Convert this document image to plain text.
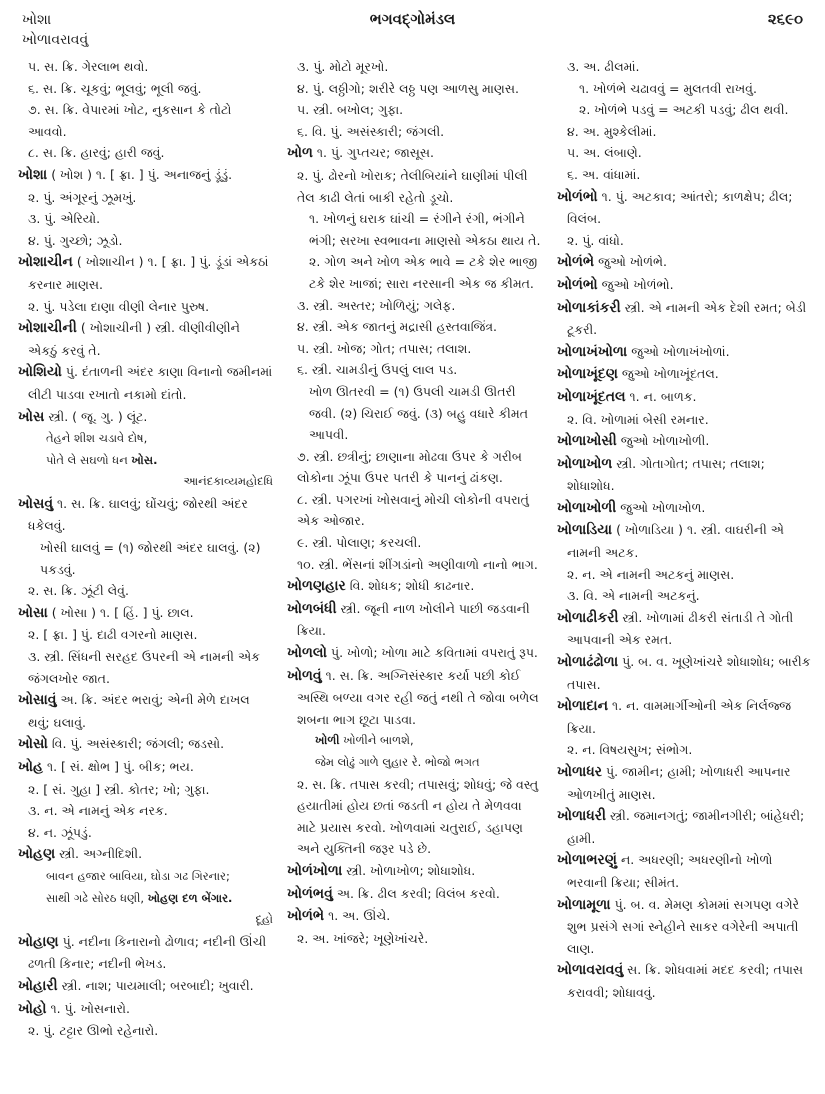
ખોશા
ખોળાવરાવવું
ભગવદ્ગોમંડલ	૨૬૯૦

૫. સ. ક્રિ. ગેરલાભ થવો.

૬. સ. ક્રિ. ચૂકવું; ભૂલવું; ભૂલી જવું.

૭. સ. ક્રિ. વેપારમાં ખોટ, નુકસાન કે તોટો આવવો.

૮. સ. ક્રિ. હારવું; હારી જવું.

ખોશા ( ખોશ ) ૧. [ ફ્રા. ] પું. અનાજનું ડૂંડું.

૨. પું. અંગૂરનું ઝૂમખું.

૩. પું. એરિયો.

૪. પું. ગુચ્છો; ઝૂડો.

ખોશાચીન ( ખોશાચીન ) ૧. [ ફ્રા. ] પું. ડૂંડાં એકઠાં કરનાર માણસ.

૨. પું. પડેલા દાણા વીણી લેનાર પુરુષ.

ખોશાચીની ( ખોશાચીની ) સ્ત્રી. વીણીવીણીને એકઠું કરવું તે.

ખોશિયો પું. દંતાળની અંદર કાણા વિનાનો જમીનમાં લીટી પાડવા રખાતો નકામો દાંતો.

ખોસ સ્ત્રી. ( જૂ. ગુ. ) લૂંટ.

તેહને શીશ ચડાવે દોષ,

પોતે લે સઘળો ધન ખોસ.

આનંદકાવ્યમહોદધિ

ખોસવું ૧. સ. ક્રિ. ઘાલવું; ઘોંચવું; જોરથી અંદર ધકેલવું.

ખોસી ઘાલવું = (૧) જોરથી અંદર ઘાલવું. (૨) પકડવું.

૨. સ. ક્રિ. ઝૂંટી લેવું.

ખોસા ( ખોસા ) ૧. [ હિં. ] પું. છાલ.

૨. [ ફ્રા. ] પું. દાઢી વગરનો માણસ.

૩. સ્ત્રી. સિંધની સરહદ ઉપરની એ નામની એક જંગલખોર જાત.

ખોસાવું અ. ક્રિ. અંદર ભરાવું; એની મેળે દાખલ થવું; ઘલાવું.

ખોસો વિ. પું. અસંસ્કારી; જંગલી; જડસો.

ખોહ ૧. [ સં. ક્ષોભ ] પું. બીક; ભય.

૨. [ સં. ગુહા ] સ્ત્રી. કોતર; ખો; ગુફા.

૩. ન. એ નામનું એક નરક.

૪. ન. ઝૂંપડું.

ખોહણ સ્ત્રી. અગ્નીદિશી.

બાવન હજાર બાવિયા, ઘોડા ગઢ ગિરનાર;

સાથી ગઢે સોરઠ ધણી, ખોહણ દળ બેંગાર.

દૂહો

ખોહાણ પું. નદીના કિનારાનો ઢોળાવ; નદીની ઊંચી ઢળતી કિનાર; નદીની ભેખડ.

ખોહારી સ્ત્રી. નાશ; પાયમાલી; બરબાદી; ખુવારી.

ખોહો ૧. પું. ખોસનારો.

૨. પું. ટટ્ટાર ઊભો રહેનારો.

૩. પું. મોટો મૂરખો.

૪. પું. લઠ્ઠીગો; શરીરે લઠ્ઠ પણ આળસુ માણસ.

૫. સ્ત્રી. બખોલ; ગુફા.

૬. વિ. પું. અસંસ્કારી; જંગલી.

ખોળ ૧. પું. ગુપ્તચર; જાસૂસ.

૨. પું. ઢોરનો ખોરાક; તેલીબિયાંને ઘાણીમાં પીલી તેલ કાઢી લેતાં બાકી રહેતો ડૂચો.

૧. ખોળનું ઘરાક ઘાંચી = રંગીને રંગી, ભંગીને ભંગી; સરખા સ્વભાવના માણસો એકઠા થાય તે.

૨. ગોળ અને ખોળ એક ભાવે = ટકે શેર ભાજી ટકે શેર ખાજાં; સારા નરસાની એક જ કીમત.

૩. સ્ત્રી. અસ્તર; ખોળિયું; ગલેફ.

૪. સ્ત્રી. એક જાતનું મદ્રાસી હસ્તવાજિંત્ર.

૫. સ્ત્રી. ખોજ; ગોત; તપાસ; તલાશ.

૬. સ્ત્રી. ચામડીનું ઉપલું લાલ પડ.

ખોળ ઊતરવી = (૧) ઉપલી ચામડી ઊતરી જવી. (૨) ચિરાઈ જવું. (૩) બહુ વધારે કીમત આપવી.

૭. સ્ત્રી. છત્રીનું; છાણાના મોઢવા ઉપર કે ગરીબ લોકોના ઝૂંપા ઉપર પતરી કે પાનનું ઢાંકણ.

૮. સ્ત્રી. પગરખાં ખોસવાનું મોચી લોકોની વપરાતું એક ઓજાર.

૯. સ્ત્રી. પોલાણ; કરચલી.

૧૦. સ્ત્રી. ભેંસનાં શીંગડાંનો અણીવાળો નાનો ભાગ.

ખોળણહાર વિ. શોધક; શોધી કાઢનાર.

ખોળબંધી સ્ત્રી. જૂની નાળ ખોલીને પાછી જડવાની ક્રિયા.

ખોળલો પું. ખોળો; ખોળા માટે કવિતામાં વપરાતું રૂપ.

ખોળવું ૧. સ. ક્રિ. અગ્નિસંસ્કાર કર્યા પછી કોઈ અસ્થિ બળ્યા વગર રહી જતું નથી તે જોવા બળેલ શબના ભાગ છૂટા પાડવા.

ખોળી ખોળીને બાળશે,

જેમ લોઢું ગાળે લુહાર રે. ભોજો ભગત

૨. સ. ક્રિ. તપાસ કરવી; તપાસવું; શોધવું; જે વસ્તુ હયાતીમાં હોય છતાં જડતી ન હોય તે મેળવવા માટે પ્રયાસ કરવો. ખોળવામાં ચતુરાઈ, ડહાપણ અને યુક્તિની જરૂર પડે છે.

ખોળંખોળા સ્ત્રી. ખોળાખોળ; શોધાશોધ.

ખોળંભવું અ. ક્રિ. ઢીલ કરવી; વિલંબ કરવો.

ખોળંભે ૧. અ. ઊંચે.

૨. અ. ખાંજરે; ખૂણેખાંચરે.

૩. અ. ઢીલમાં.

૧. ખોળંભે ચઢાવવું = મુલતવી રાખવું.

૨. ખોળંભે પડવું = અટકી પડવું; ઢીલ થવી.

૪. અ. મુશ્કેલીમાં.

૫. અ. લંબાણે.

૬. અ. વાંધામાં.

ખોળંભો ૧. પું. અટકાવ; આંતરો; કાળક્ષેપ; ઢીલ; વિલંબ.

૨. પું. વાંધો.

ખોળંભે જુઓ ખોળંભે.

ખોળંભો જુઓ ખોળંભો.

ખોળાકાંકરી સ્ત્રી. એ નામની એક દેશી રમત; બેડી ટૂકરી.

ખોળાખંખોળા જુઓ ખોળાખંખોળાં.

ખોળાખૂંદણ જુઓ ખોળાખૂંદતલ.

ખોળાખૂંદતલ ૧. ન. બાળક.

૨. વિ. ખોળામાં બેસી રમનાર.

ખોળાખોસી જુઓ ખોળાખોળી.

ખોળાખોળ સ્ત્રી. ગોતાગોત; તપાસ; તલાશ; શોધાશોધ.

ખોળાખોળી જુઓ ખોળાખોળ.

ખોળાડિયા ( ખોળાડિયા ) ૧. સ્ત્રી. વાઘરીની એ નામની અટક.

૨. ન. એ નામની અટકનું માણસ.

૩. વિ. એ નામની અટકનું.

ખોળાઢીકરી સ્ત્રી. ખોળામાં ઢીકરી સંતાડી તે ગોતી આપવાની એક રમત.

ખોળાઢંઢોળા પું. બ. વ. ખૂણેખાંચરે શોધાશોધ; બારીક તપાસ.

ખોળાદાન ૧. ન. વામમાર્ગીઓની એક નિર્લજ્જ ક્રિયા.

૨. ન. વિષયસુખ; સંભોગ.

ખોળાધર પું. જામીન; હામી; ખોળાધરી આપનાર ઓળખીતું માણસ.

ખોળાધરી સ્ત્રી. જમાનગતું; જામીનગીરી; બાંહેધરી; હામી.

ખોળાભરણું ન. અધરણી; અધરણીનો ખોળો ભરવાની ક્રિયા; સીમંત.

ખોળામૂળા પું. બ. વ. મેમણ કોમમાં સગપણ વગેરે શુભ પ્રસંગે સગાં સ્નેહીને સાકર વગેરેની અપાતી લાણ.

ખોળાવરાવવું સ. ક્રિ. શોધવામાં મદદ કરવી; તપાસ કરાવવી; શોધાવવું.
